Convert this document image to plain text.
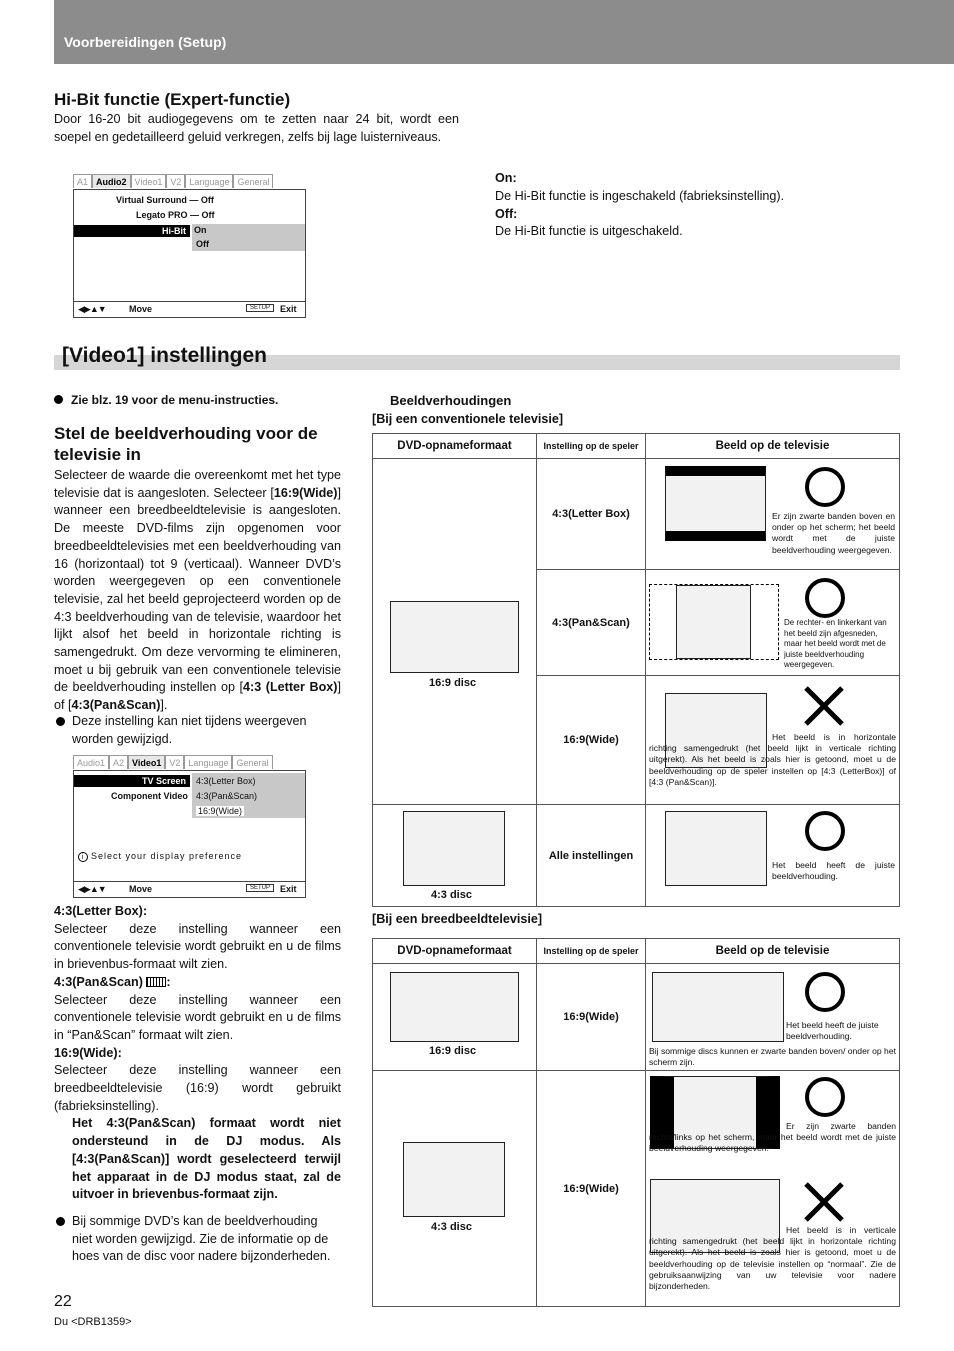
Voorbereidingen (Setup)
Hi-Bit functie (Expert-functie)

Door 16-20 bit audiogegevens om te zetten naar 24 bit, wordt een soepel en gedetailleerd geluid verkregen, zelfs bij lage luisterniveaus.

A1 Audio2 Video1 V2 Language General
Virtual Surround — Off
Legato PRO — Off
Hi-Bit On
Off
◀▶▲▼	Move	SETUP	Exit
On:
De Hi-Bit functie is ingeschakeld (fabrieksinstelling).
Off:
De Hi-Bit functie is uitgeschakeld.
[Video1] instellingen
Zie blz. 19 voor de menu-instructies.
Stel de beeldverhouding voor de televisie in

Selecteer de waarde die overeenkomt met het type televisie dat is aangesloten. Selecteer [16:9(Wide)] wanneer een breedbeeldtelevisie is aangesloten. De meeste DVD-films zijn opgenomen voor breedbeeldtelevisies met een beeldverhouding van 16 (horizontaal) tot 9 (verticaal). Wanneer DVD’s worden weergegeven op een conventionele televisie, zal het beeld geprojecteerd worden op de 4:3 beeldverhouding van de televisie, waardoor het lijkt alsof het beeld in horizontale richting is samengedrukt. Om deze vervorming te elimineren, moet u bij gebruik van een conventionele televisie de beeldverhouding instellen op [4:3 (Letter Box)] of [4:3(Pan&Scan)].

Deze instelling kan niet tijdens weergeven worden gewijzigd.
Audio1 A2 Video1 V2 Language General
TV Screen
Component Video
4:3(Letter Box)
4:3(Pan&Scan)
16:9(Wide)
i Select your display preference
◀▶▲▼	Move	SETUP	Exit
4:3(Letter Box):
Selecteer deze instelling wanneer een conventionele televisie wordt gebruikt en u de films in brievenbus-formaat wilt zien.
4:3(Pan&Scan) :
Selecteer deze instelling wanneer een conventionele televisie wordt gebruikt en u de films in “Pan&Scan” formaat wilt zien.
16:9(Wide):
Selecteer deze instelling wanneer een breedbeeldtelevisie (16:9) wordt gebruikt (fabrieksinstelling).
Het 4:3(Pan&Scan) formaat wordt niet ondersteund in de DJ modus. Als [4:3(Pan&Scan)] wordt geselecteerd terwijl het apparaat in de DJ modus staat, zal de uitvoer in brievenbus-formaat zijn.
Bij sommige DVD’s kan de beeldverhouding niet worden gewijzigd. Zie de informatie op de hoes van de disc voor nadere bijzonderheden.
Beeldverhoudingen
[Bij een conventionele televisie]
DVD-opnameformaat	Instelling op de speler	Beeld op de televisie

16:9 disc	4:3(Letter Box)	Er zijn zwarte banden boven en onder op het scherm; het beeld wordt met de juiste beeldverhouding weergegeven.

	4:3(Pan&Scan)	De rechter- en linkerkant van het beeld zijn afgesneden, maar het beeld wordt met de juiste beeldverhouding weergegeven.

	16:9(Wide)	Het beeld is in horizontale richting samengedrukt (het beeld lijkt in verticale richting uitgerekt). Als het beeld is zoals hier is getoond, moet u de beeldverhouding op de speler instellen op [4:3 (LetterBox)] of [4:3 (Pan&Scan)].

4:3 disc	Alle instellingen	Het beeld heeft de juiste beeldverhouding.
[Bij een breedbeeldtelevisie]
DVD-opnameformaat	Instelling op de speler	Beeld op de televisie

16:9 disc	16:9(Wide)	Het beeld heeft de juiste beeldverhouding.
Bij sommige discs kunnen er zwarte banden boven/ onder op het scherm zijn.

4:3 disc	16:9(Wide)	Er zijn zwarte banden rechts/links op het scherm, maar het beeld wordt met de juiste beeldverhouding weergegeven.
Het beeld is in verticale richting samengedrukt (het beeld lijkt in horizontale richting uitgerekt). Als het beeld is zoals hier is getoond, moet u de beeldverhouding op de televisie instellen op “normaal”. Zie de gebruiksaanwijzing van uw televisie voor nadere bijzonderheden.
22
Du <DRB1359>
